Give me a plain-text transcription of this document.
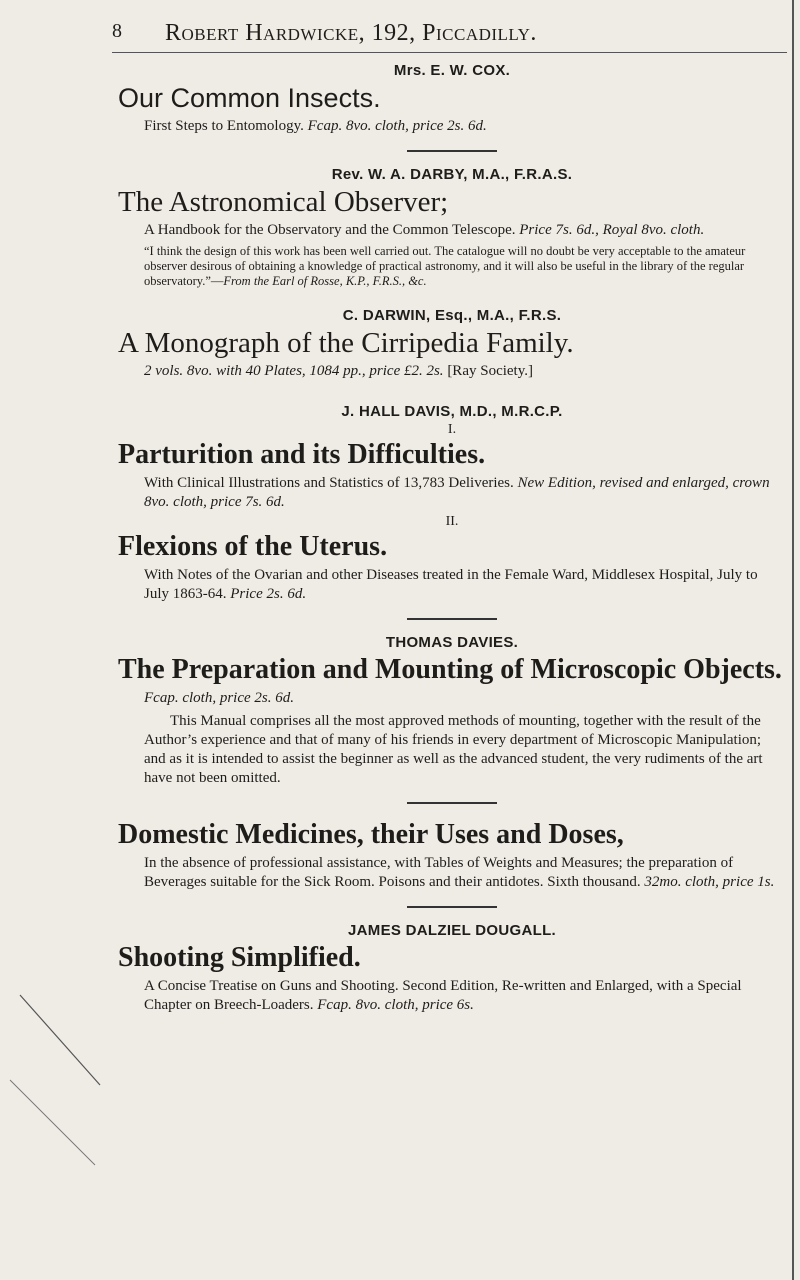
8 Robert Hardwicke, 192, Piccadilly.

Mrs. E. W. COX.

Our Common Insects.

First Steps to Entomology. Fcap. 8vo. cloth, price 2s. 6d.

Rev. W. A. DARBY, M.A., F.R.A.S.

The Astronomical Observer;

A Handbook for the Observatory and the Common Telescope. Price 7s. 6d., Royal 8vo. cloth.

“I think the design of this work has been well carried out. The catalogue will no doubt be very acceptable to the amateur observer desirous of obtaining a knowledge of practical astronomy, and it will also be useful in the library of the regular observatory.”—From the Earl of Rosse, K.P., F.R.S., &c.

C. DARWIN, Esq., M.A., F.R.S.

A Monograph of the Cirripedia Family.

2 vols. 8vo. with 40 Plates, 1084 pp., price £2. 2s. [Ray Society.]

J. HALL DAVIS, M.D., M.R.C.P.

I.

Parturition and its Difficulties.

With Clinical Illustrations and Statistics of 13,783 Deliveries. New Edition, revised and enlarged, crown 8vo. cloth, price 7s. 6d.

II.

Flexions of the Uterus.

With Notes of the Ovarian and other Diseases treated in the Female Ward, Middlesex Hospital, July to July 1863-64. Price 2s. 6d.

THOMAS DAVIES.

The Preparation and Mounting of Microscopic Objects.

Fcap. cloth, price 2s. 6d.

This Manual comprises all the most approved methods of mounting, together with the result of the Author’s experience and that of many of his friends in every department of Microscopic Manipulation; and as it is intended to assist the beginner as well as the advanced student, the very rudiments of the art have not been omitted.

Domestic Medicines, their Uses and Doses,

In the absence of professional assistance, with Tables of Weights and Measures; the preparation of Beverages suitable for the Sick Room. Poisons and their antidotes. Sixth thousand. 32mo. cloth, price 1s.

JAMES DALZIEL DOUGALL.

Shooting Simplified.

A Concise Treatise on Guns and Shooting. Second Edition, Re-written and Enlarged, with a Special Chapter on Breech-Loaders. Fcap. 8vo. cloth, price 6s.
